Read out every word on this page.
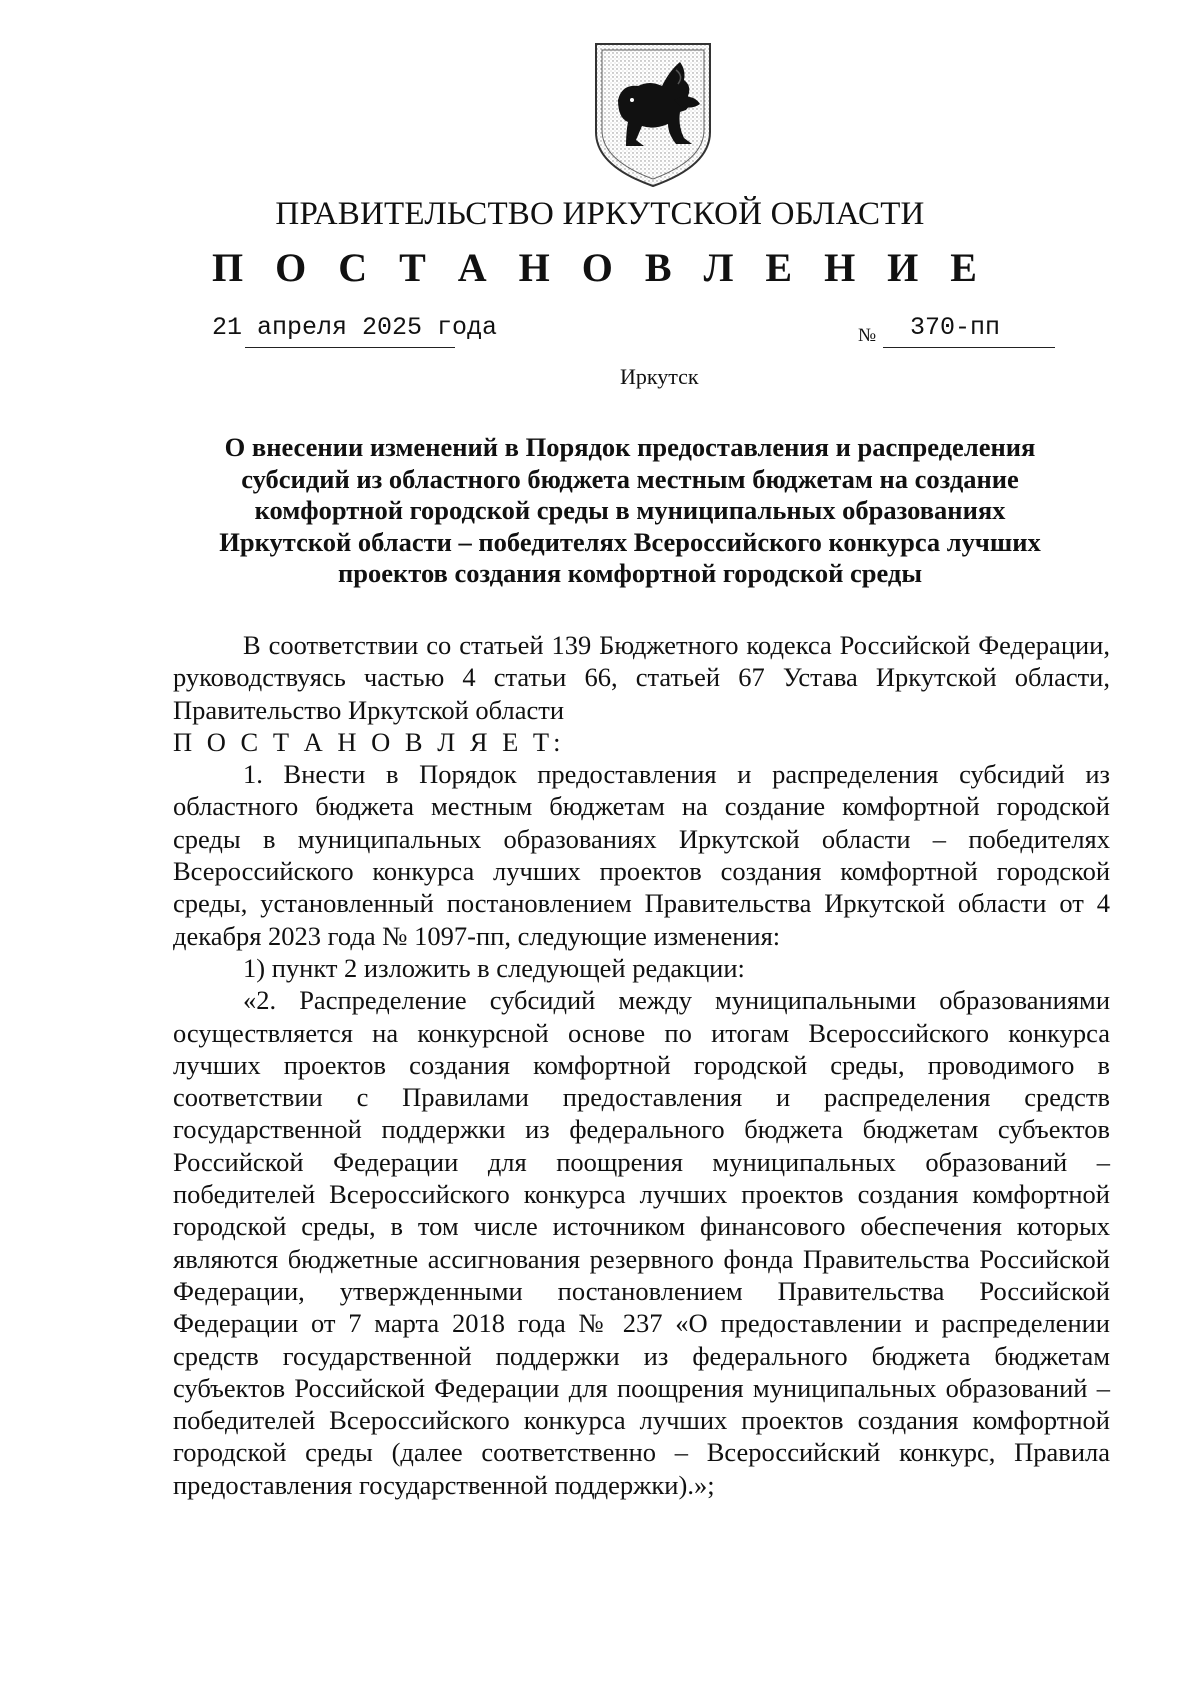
ПРАВИТЕЛЬСТВО ИРКУТСКОЙ ОБЛАСТИ
П О С Т А Н О В Л Е Н И Е
21 апреля 2025 года	№ 370-пп
Иркутск
О внесении изменений в Порядок предоставления и распределения
субсидий из областного бюджета местным бюджетам на создание
комфортной городской среды в муниципальных образованиях
Иркутской области – победителях Всероссийского конкурса лучших
проектов создания комфортной городской среды
В соответствии со статьей 139 Бюджетного кодекса Российской Федерации, руководствуясь частью 4 статьи 66, статьей 67 Устава Иркутской области, Правительство Иркутской области
П О С Т А Н О В Л Я Е Т:
1. Внести в Порядок предоставления и распределения субсидий из областного бюджета местным бюджетам на создание комфортной городской среды в муниципальных образованиях Иркутской области – победителях Всероссийского конкурса лучших проектов создания комфортной городской среды, установленный постановлением Правительства Иркутской области от 4 декабря 2023 года № 1097-пп, следующие изменения:
1) пункт 2 изложить в следующей редакции:
«2. Распределение субсидий между муниципальными образованиями осуществляется на конкурсной основе по итогам Всероссийского конкурса лучших проектов создания комфортной городской среды, проводимого в соответствии с Правилами предоставления и распределения средств государственной поддержки из федерального бюджета бюджетам субъектов Российской Федерации для поощрения муниципальных образований – победителей Всероссийского конкурса лучших проектов создания комфортной городской среды, в том числе источником финансового обеспечения которых являются бюджетные ассигнования резервного фонда Правительства Российской Федерации, утвержденными постановлением Правительства Российской Федерации от 7 марта 2018 года № 237 «О предоставлении и распределении средств государственной поддержки из федерального бюджета бюджетам субъектов Российской Федерации для поощрения муниципальных образований – победителей Всероссийского конкурса лучших проектов создания комфортной городской среды (далее соответственно – Всероссийский конкурс, Правила предоставления государственной поддержки).»;
